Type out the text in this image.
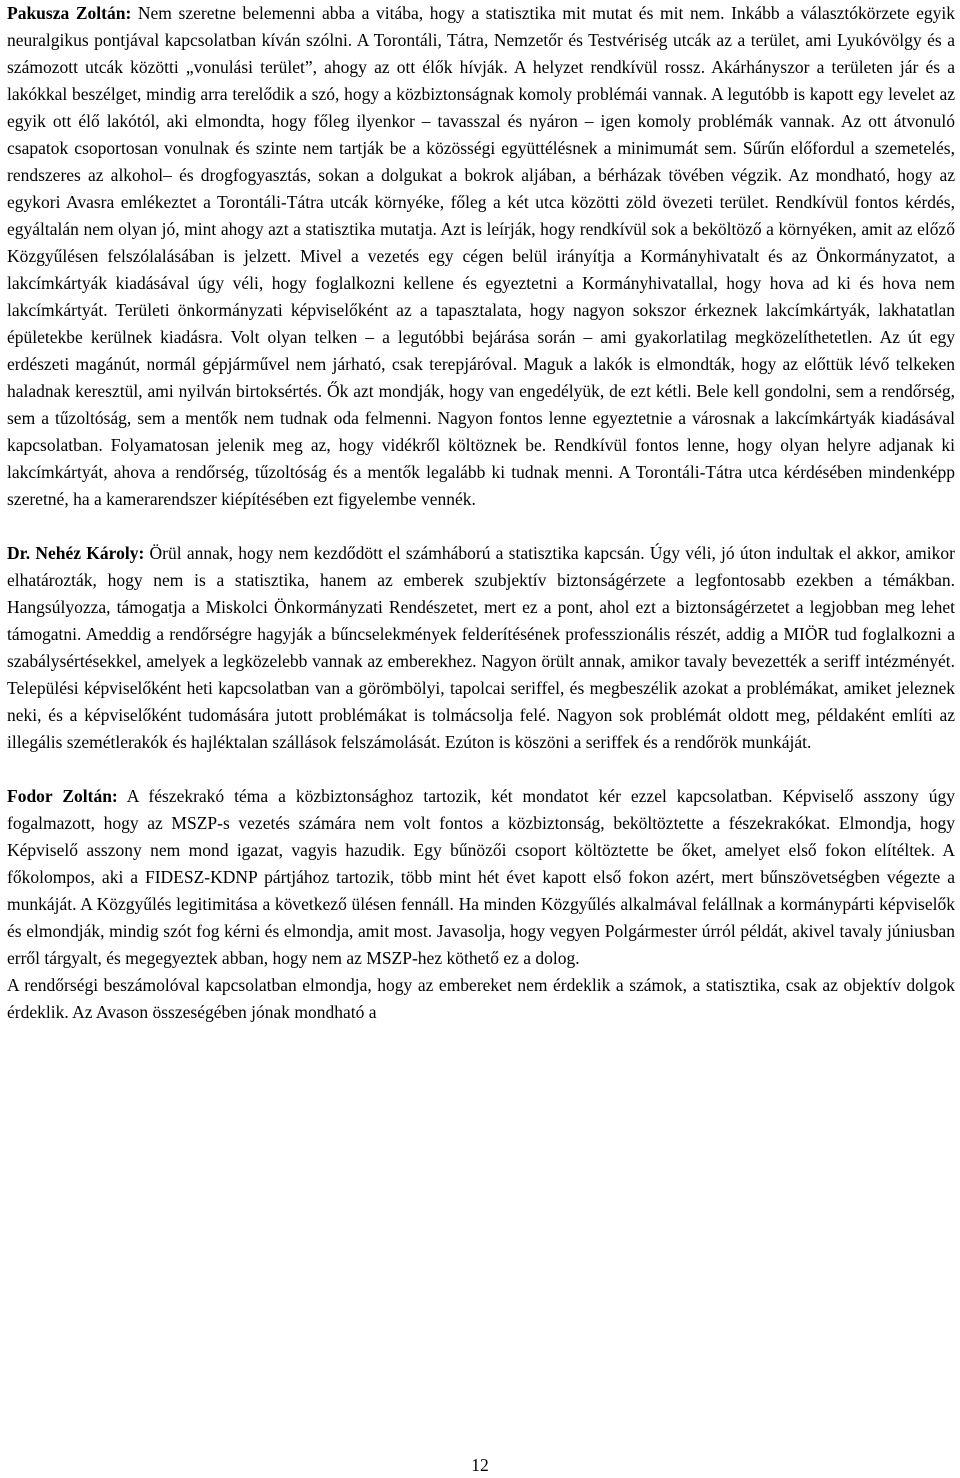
Pakusza Zoltán: Nem szeretne belemenni abba a vitába, hogy a statisztika mit mutat és mit nem. Inkább a választókörzete egyik neuralgikus pontjával kapcsolatban kíván szólni. A Torontáli, Tátra, Nemzetőr és Testvériség utcák az a terület, ami Lyukóvölgy és a számozott utcák közötti „vonulási terület”, ahogy az ott élők hívják. A helyzet rendkívül rossz. Akárhányszor a területen jár és a lakókkal beszélget, mindig arra terelődik a szó, hogy a közbiztonságnak komoly problémái vannak. A legutóbb is kapott egy levelet az egyik ott élő lakótól, aki elmondta, hogy főleg ilyenkor – tavasszal és nyáron – igen komoly problémák vannak. Az ott átvonuló csapatok csoportosan vonulnak és szinte nem tartják be a közösségi együttélésnek a minimumát sem. Sűrűn előfordul a szemetelés, rendszeres az alkohol– és drogfogyasztás, sokan a dolgukat a bokrok aljában, a bérházak tövében végzik. Az mondható, hogy az egykori Avasra emlékeztet a Torontáli-Tátra utcák környéke, főleg a két utca közötti zöld övezeti terület. Rendkívül fontos kérdés, egyáltalán nem olyan jó, mint ahogy azt a statisztika mutatja. Azt is leírják, hogy rendkívül sok a beköltöző a környéken, amit az előző Közgyűlésen felszólalásában is jelzett. Mivel a vezetés egy cégen belül irányítja a Kormányhivatalt és az Önkormányzatot, a lakcímkártyák kiadásával úgy véli, hogy foglalkozni kellene és egyeztetni a Kormányhivatallal, hogy hova ad ki és hova nem lakcímkártyát. Területi önkormányzati képviselőként az a tapasztalata, hogy nagyon sokszor érkeznek lakcímkártyák, lakhatatlan épületekbe kerülnek kiadásra. Volt olyan telken – a legutóbbi bejárása során – ami gyakorlatilag megközelíthetetlen. Az út egy erdészeti magánút, normál gépjárművel nem járható, csak terepjáróval. Maguk a lakók is elmondták, hogy az előttük lévő telkeken haladnak keresztül, ami nyilván birtoksértés. Ők azt mondják, hogy van engedélyük, de ezt kétli. Bele kell gondolni, sem a rendőrség, sem a tűzoltóság, sem a mentők nem tudnak oda felmenni. Nagyon fontos lenne egyeztetnie a városnak a lakcímkártyák kiadásával kapcsolatban. Folyamatosan jelenik meg az, hogy vidékről költöznek be. Rendkívül fontos lenne, hogy olyan helyre adjanak ki lakcímkártyát, ahova a rendőrség, tűzoltóság és a mentők legalább ki tudnak menni. A Torontáli-Tátra utca kérdésében mindenképp szeretné, ha a kamerarendszer kiépítésében ezt figyelembe vennék.

Dr. Nehéz Károly: Örül annak, hogy nem kezdődött el számháború a statisztika kapcsán. Úgy véli, jó úton indultak el akkor, amikor elhatározták, hogy nem is a statisztika, hanem az emberek szubjektív biztonságérzete a legfontosabb ezekben a témákban. Hangsúlyozza, támogatja a Miskolci Önkormányzati Rendészetet, mert ez a pont, ahol ezt a biztonságérzetet a legjobban meg lehet támogatni. Ameddig a rendőrségre hagyják a bűncselekmények felderítésének professzionális részét, addig a MIÖR tud foglalkozni a szabálysértésekkel, amelyek a legközelebb vannak az emberekhez. Nagyon örült annak, amikor tavaly bevezették a seriff intézményét. Települési képviselőként heti kapcsolatban van a görömbölyi, tapolcai seriffel, és megbeszélik azokat a problémákat, amiket jeleznek neki, és a képviselőként tudomására jutott problémákat is tolmácsolja felé. Nagyon sok problémát oldott meg, példaként említi az illegális szemétlerakók és hajléktalan szállások felszámolását. Ezúton is köszöni a seriffek és a rendőrök munkáját.

Fodor Zoltán: A fészekrakó téma a közbiztonsághoz tartozik, két mondatot kér ezzel kapcsolatban. Képviselő asszony úgy fogalmazott, hogy az MSZP-s vezetés számára nem volt fontos a közbiztonság, beköltöztette a fészekrakókat. Elmondja, hogy Képviselő asszony nem mond igazat, vagyis hazudik. Egy bűnözői csoport költöztette be őket, amelyet első fokon elítéltek. A főkolompos, aki a FIDESZ-KDNP pártjához tartozik, több mint hét évet kapott első fokon azért, mert bűnszövetségben végezte a munkáját. A Közgyűlés legitimitása a következő ülésen fennáll. Ha minden Közgyűlés alkalmával felállnak a kormánypárti képviselők és elmondják, mindig szót fog kérni és elmondja, amit most. Javasolja, hogy vegyen Polgármester úrról példát, akivel tavaly júniusban erről tárgyalt, és megegyeztek abban, hogy nem az MSZP-hez köthető ez a dolog.

A rendőrségi beszámolóval kapcsolatban elmondja, hogy az embereket nem érdeklik a számok, a statisztika, csak az objektív dolgok érdeklik. Az Avason összeségében jónak mondható a

12
